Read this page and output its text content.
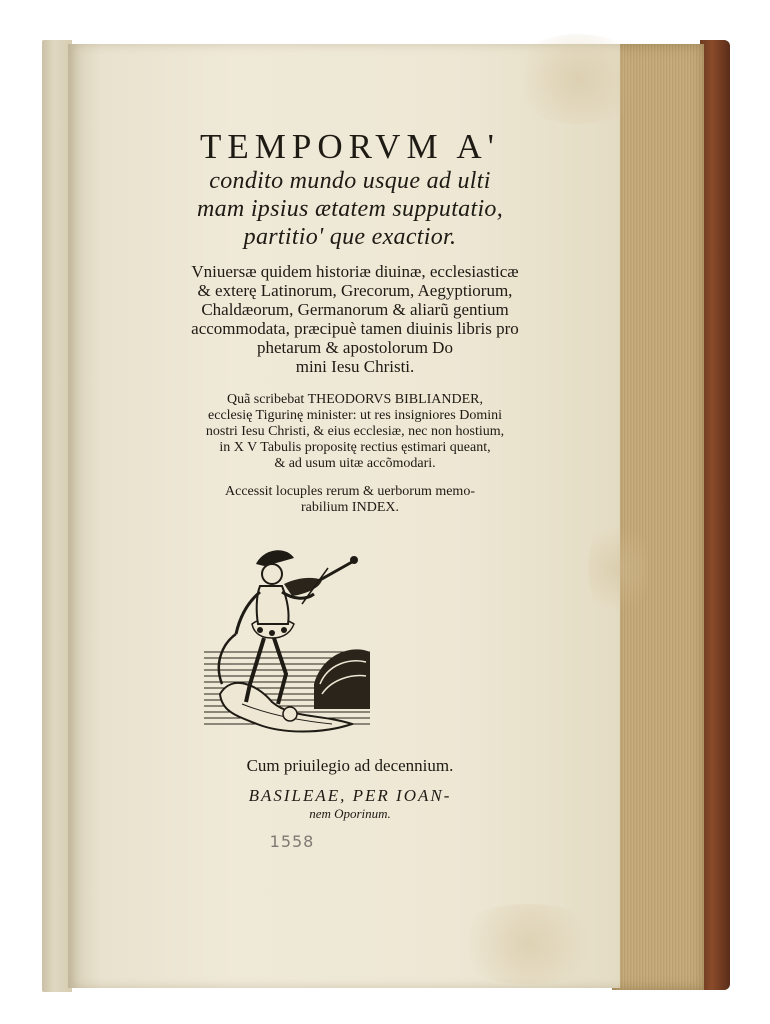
TEMPORVM A'
condito mundo usque ad ulti
mam ipsius ætatem supputatio,
partitio' que exactior.
Vniuersæ quidem historiæ diuinæ, ecclesiasticæ
& exterę Latinorum, Grecorum, Aegyptiorum,
Chaldæorum, Germanorum & aliarũ gentium
accommodata, præcipuè tamen diuinis libris pro
phetarum & apostolorum Do
mini Iesu Christi.
Quã scribebat THEODORVS BIBLIANDER,
ecclesię Tigurinę minister: ut res insigniores Domini
nostri Iesu Christi, & eius ecclesiæ, nec non hostium,
in X V Tabulis propositę rectius ęstimari queant,
& ad usum uitæ accõmodari.
Accessit locuples rerum & uerborum memo-
rabilium INDEX.
Cum priuilegio ad decennium.
BASILEAE, PER IOAN-
nem Oporinum.
1558
